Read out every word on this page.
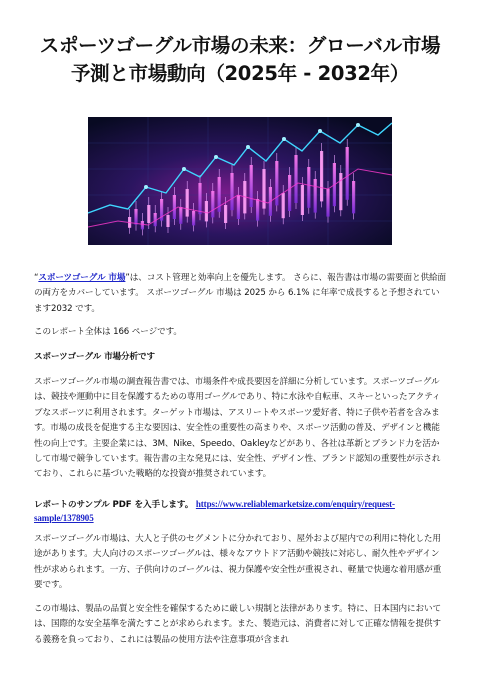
スポーツゴーグル市場の未来：グローバル市場
予測と市場動向（2025年 - 2032年）

“スポーツゴーグル 市場”は、コスト管理と効率向上を優先します。 さらに、報告書は市場の需要面と供給面の両方をカバーしています。 スポーツゴーグル 市場は 2025 から 6.1% に年率で成長すると予想されています2032 です。

このレポート全体は 166 ページです。

スポーツゴーグル 市場分析です

スポーツゴーグル市場の調査報告書では、市場条件や成長要因を詳細に分析しています。スポーツゴーグルは、競技や運動中に目を保護するための専用ゴーグルであり、特に水泳や自転車、スキーといったアクティブなスポーツに利用されます。ターゲット市場は、アスリートやスポーツ愛好者、特に子供や若者を含みます。市場の成長を促進する主な要因は、安全性の重要性の高まりや、スポーツ活動の普及、デザインと機能性の向上です。主要企業には、3M、Nike、Speedo、Oakleyなどがあり、各社は革新とブランド力を活かして市場で競争しています。報告書の主な発見には、安全性、デザイン性、ブランド認知の重要性が示されており、これらに基づいた戦略的な投資が推奨されています。

レポートのサンプル PDF を入手します。 https://www.reliablemarketsize.com/enquiry/request-sample/1378905

スポーツゴーグル市場は、大人と子供のセグメントに分かれており、屋外および屋内での利用に特化した用途があります。大人向けのスポーツゴーグルは、様々なアウトドア活動や競技に対応し、耐久性やデザイン性が求められます。一方、子供向けのゴーグルは、視力保護や安全性が重視され、軽量で快適な着用感が重要です。

この市場は、製品の品質と安全性を確保するために厳しい規制と法律があります。特に、日本国内においては、国際的な安全基準を満たすことが求められます。また、製造元は、消費者に対して正確な情報を提供する義務を負っており、これには製品の使用方法や注意事項が含まれ
